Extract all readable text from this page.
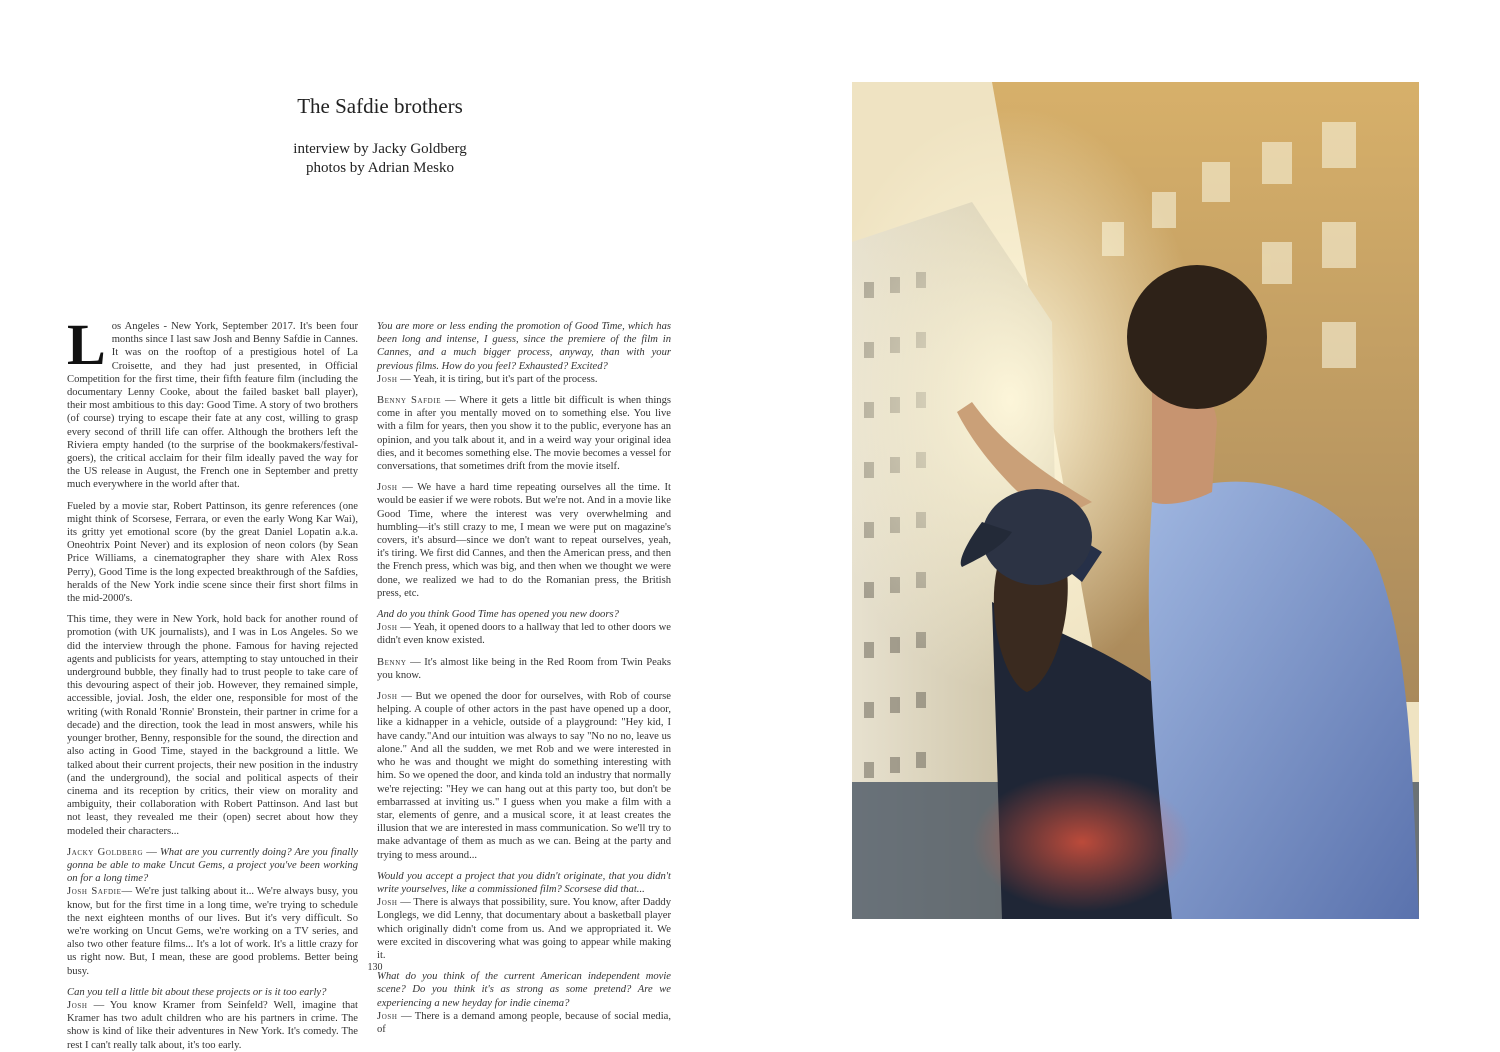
The Safdie brothers
interview by Jacky Goldberg
photos by Adrian Mesko

Los Angeles - New York, September 2017. It's been four months since I last saw Josh and Benny Safdie in Cannes. It was on the rooftop of a prestigious hotel of La Croisette, and they had just presented, in Official Competition for the first time, their fifth feature film (including the documentary Lenny Cooke, about the failed basket ball player), their most ambitious to this day: Good Time. A story of two brothers (of course) trying to escape their fate at any cost, willing to grasp every second of thrill life can offer. Although the brothers left the Riviera empty handed (to the surprise of the bookmakers/festival-goers), the critical acclaim for their film ideally paved the way for the US release in August, the French one in September and pretty much everywhere in the world after that.

Fueled by a movie star, Robert Pattinson, its genre references (one might think of Scorsese, Ferrara, or even the early Wong Kar Wai), its gritty yet emotional score (by the great Daniel Lopatin a.k.a. Oneohtrix Point Never) and its explosion of neon colors (by Sean Price Williams, a cinematographer they share with Alex Ross Perry), Good Time is the long expected breakthrough of the Safdies, heralds of the New York indie scene since their first short films in the mid-2000's.

This time, they were in New York, hold back for another round of promotion (with UK journalists), and I was in Los Angeles. So we did the interview through the phone. Famous for having rejected agents and publicists for years, attempting to stay untouched in their underground bubble, they finally had to trust people to take care of this devouring aspect of their job. However, they remained simple, accessible, jovial. Josh, the elder one, responsible for most of the writing (with Ronald 'Ronnie' Bronstein, their partner in crime for a decade) and the direction, took the lead in most answers, while his younger brother, Benny, responsible for the sound, the direction and also acting in Good Time, stayed in the background a little. We talked about their current projects, their new position in the industry (and the underground), the social and political aspects of their cinema and its reception by critics, their view on morality and ambiguity, their collaboration with Robert Pattinson. And last but not least, they revealed me their (open) secret about how they modeled their characters...

Jacky Goldberg — What are you currently doing? Are you finally gonna be able to make Uncut Gems, a project you've been working on for a long time?

Josh Safdie— We're just talking about it... We're always busy, you know, but for the first time in a long time, we're trying to schedule the next eighteen months of our lives. But it's very difficult. So we're working on Uncut Gems, we're working on a TV series, and also two other feature films... It's a lot of work. It's a little crazy for us right now. But, I mean, these are good problems. Better being busy.

Can you tell a little bit about these projects or is it too early?

Josh — You know Kramer from Seinfeld? Well, imagine that Kramer has two adult children who are his partners in crime. The show is kind of like their adventures in New York. It's comedy. The rest I can't really talk about, it's too early.

You are more or less ending the promotion of Good Time, which has been long and intense, I guess, since the premiere of the film in Cannes, and a much bigger process, anyway, than with your previous films. How do you feel? Exhausted? Excited?

Josh — Yeah, it is tiring, but it's part of the process.

Benny Safdie — Where it gets a little bit difficult is when things come in after you mentally moved on to something else. You live with a film for years, then you show it to the public, everyone has an opinion, and you talk about it, and in a weird way your original idea dies, and it becomes something else. The movie becomes a vessel for conversations, that sometimes drift from the movie itself.

Josh — We have a hard time repeating ourselves all the time. It would be easier if we were robots. But we're not. And in a movie like Good Time, where the interest was very overwhelming and humbling—it's still crazy to me, I mean we were put on magazine's covers, it's absurd—since we don't want to repeat ourselves, yeah, it's tiring. We first did Cannes, and then the American press, and then the French press, which was big, and then when we thought we were done, we realized we had to do the Romanian press, the British press, etc.

And do you think Good Time has opened you new doors?

Josh — Yeah, it opened doors to a hallway that led to other doors we didn't even know existed.

Benny — It's almost like being in the Red Room from Twin Peaks you know.

Josh — But we opened the door for ourselves, with Rob of course helping. A couple of other actors in the past have opened up a door, like a kidnapper in a vehicle, outside of a playground: "Hey kid, I have candy."And our intuition was always to say "No no no, leave us alone." And all the sudden, we met Rob and we were interested in who he was and thought we might do something interesting with him. So we opened the door, and kinda told an industry that normally we're rejecting: "Hey we can hang out at this party too, but don't be embarrassed at inviting us." I guess when you make a film with a star, elements of genre, and a musical score, it at least creates the illusion that we are interested in mass communication. So we'll try to make advantage of them as much as we can. Being at the party and trying to mess around...

Would you accept a project that you didn't originate, that you didn't write yourselves, like a commissioned film? Scorsese did that...

Josh — There is always that possibility, sure. You know, after Daddy Longlegs, we did Lenny, that documentary about a basketball player which originally didn't come from us. And we appropriated it. We were excited in discovering what was going to appear while making it.

What do you think of the current American independent movie scene? Do you think it's as strong as some pretend? Are we experiencing a new heyday for indie cinema?

Josh — There is a demand among people, because of social media, of

130
